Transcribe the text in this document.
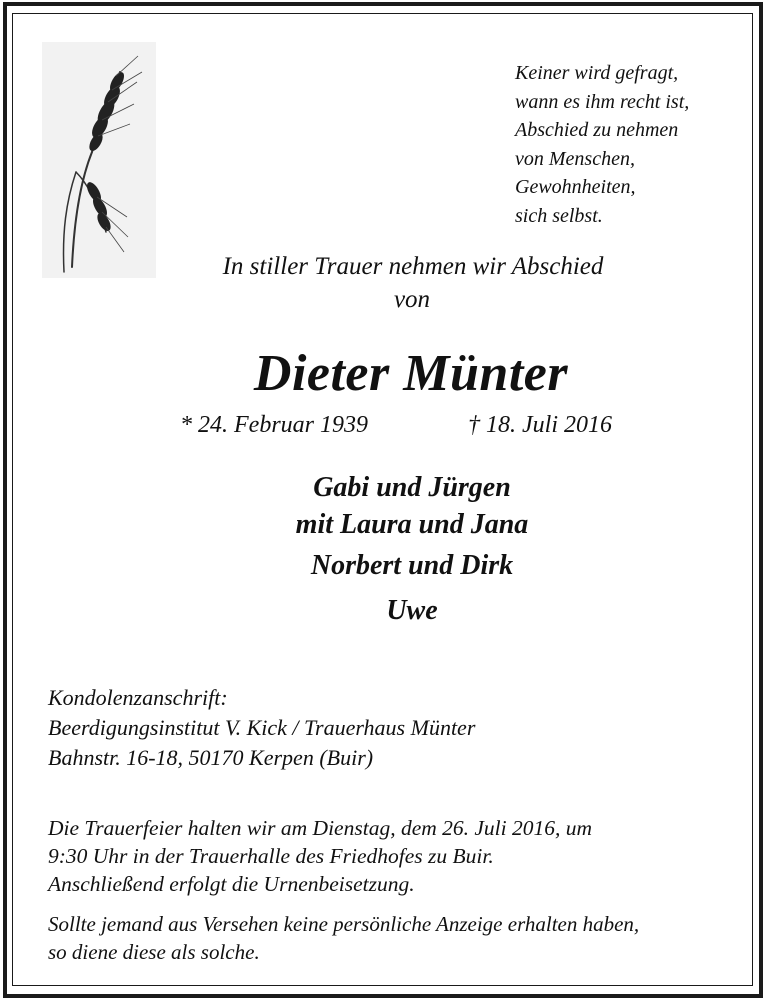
Keiner wird gefragt,
wann es ihm recht ist,
Abschied zu nehmen
von Menschen,
Gewohnheiten,
sich selbst.
In stiller Trauer nehmen wir Abschied
von
Dieter Münter
* 24. Februar 1939	† 18. Juli 2016
Gabi und Jürgen
mit Laura und Jana
Norbert und Dirk
Uwe
Kondolenzanschrift:
Beerdigungsinstitut V. Kick / Trauerhaus Münter
Bahnstr. 16-18, 50170 Kerpen (Buir)
Die Trauerfeier halten wir am Dienstag, dem 26. Juli 2016, um
9:30 Uhr in der Trauerhalle des Friedhofes zu Buir.
Anschließend erfolgt die Urnenbeisetzung.
Sollte jemand aus Versehen keine persönliche Anzeige erhalten haben,
so diene diese als solche.
